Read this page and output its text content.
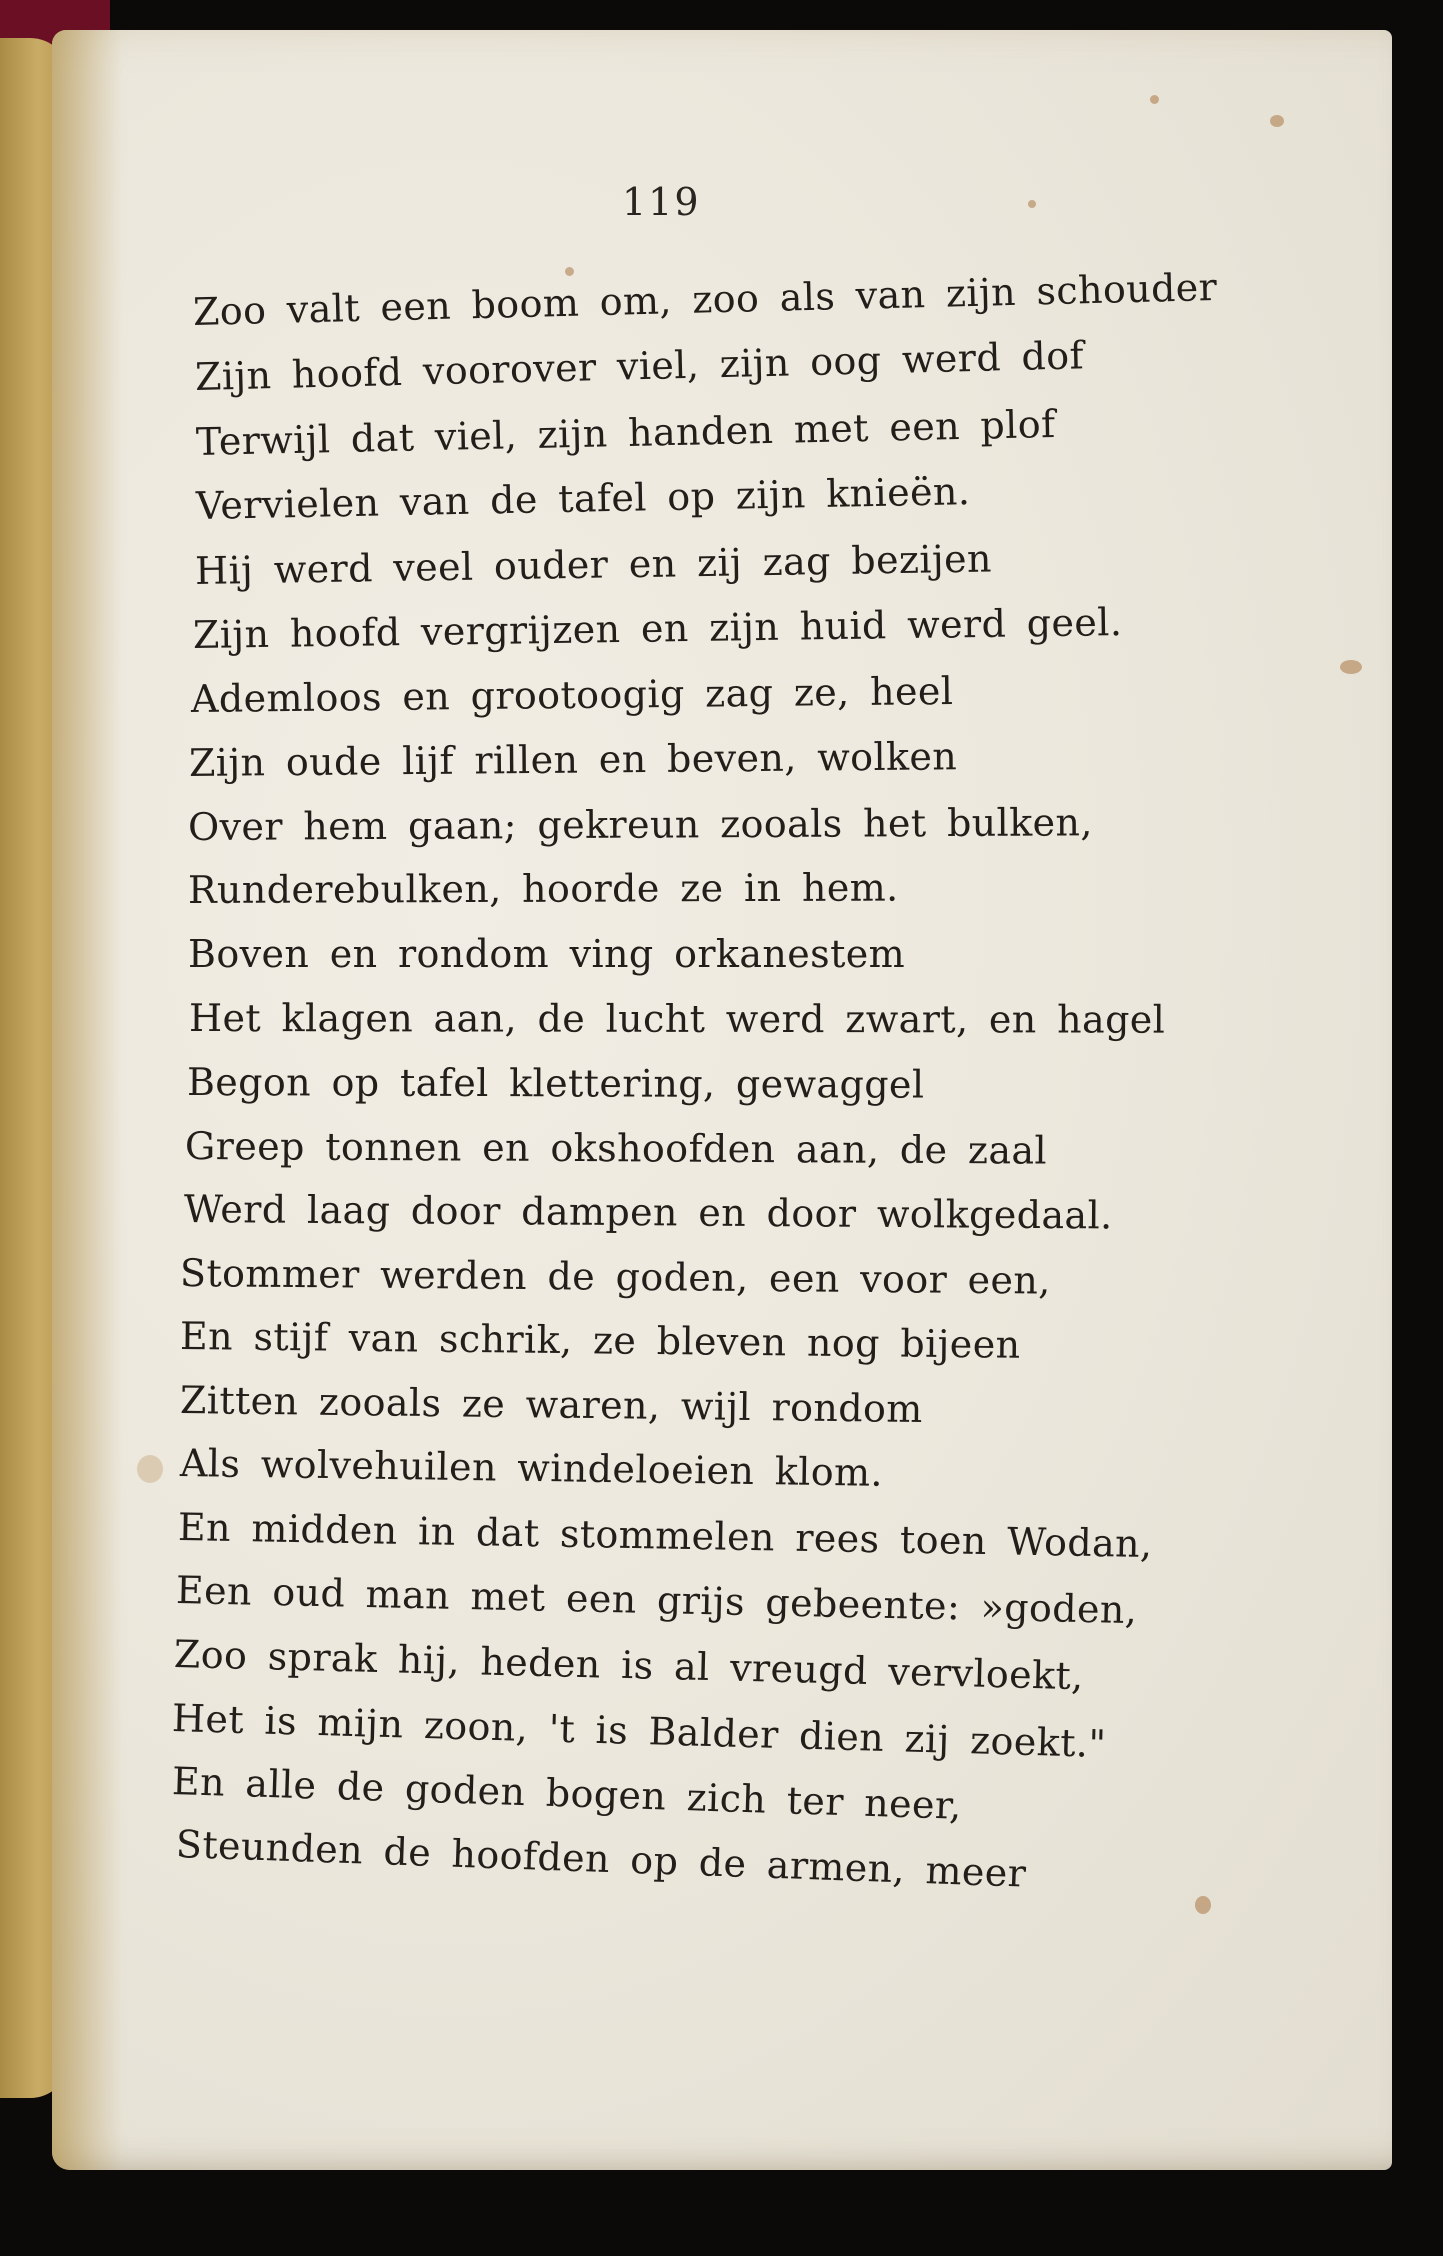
119
Zoo valt een boom om, zoo als van zijn schouder
Zijn hoofd voorover viel, zijn oog werd dof
Terwijl dat viel, zijn handen met een plof
Vervielen van de tafel op zijn knieën.
Hij werd veel ouder en zij zag bezijen
Zijn hoofd vergrijzen en zijn huid werd geel.
Ademloos en grootoogig zag ze, heel
Zijn oude lijf rillen en beven, wolken
Over hem gaan; gekreun zooals het bulken,
Runderebulken, hoorde ze in hem.
Boven en rondom ving orkanestem
Het klagen aan, de lucht werd zwart, en hagel
Begon op tafel klettering, gewaggel
Greep tonnen en okshoofden aan, de zaal
Werd laag door dampen en door wolkgedaal.
Stommer werden de goden, een voor een,
En stijf van schrik, ze bleven nog bijeen
Zitten zooals ze waren, wijl rondom
Als wolvehuilen windeloeien klom.
En midden in dat stommelen rees toen Wodan,
Een oud man met een grijs gebeente: »goden,
Zoo sprak hij, heden is al vreugd vervloekt,
Het is mijn zoon, 't is Balder dien zij zoekt."
En alle de goden bogen zich ter neer,
Steunden de hoofden op de armen, meer
